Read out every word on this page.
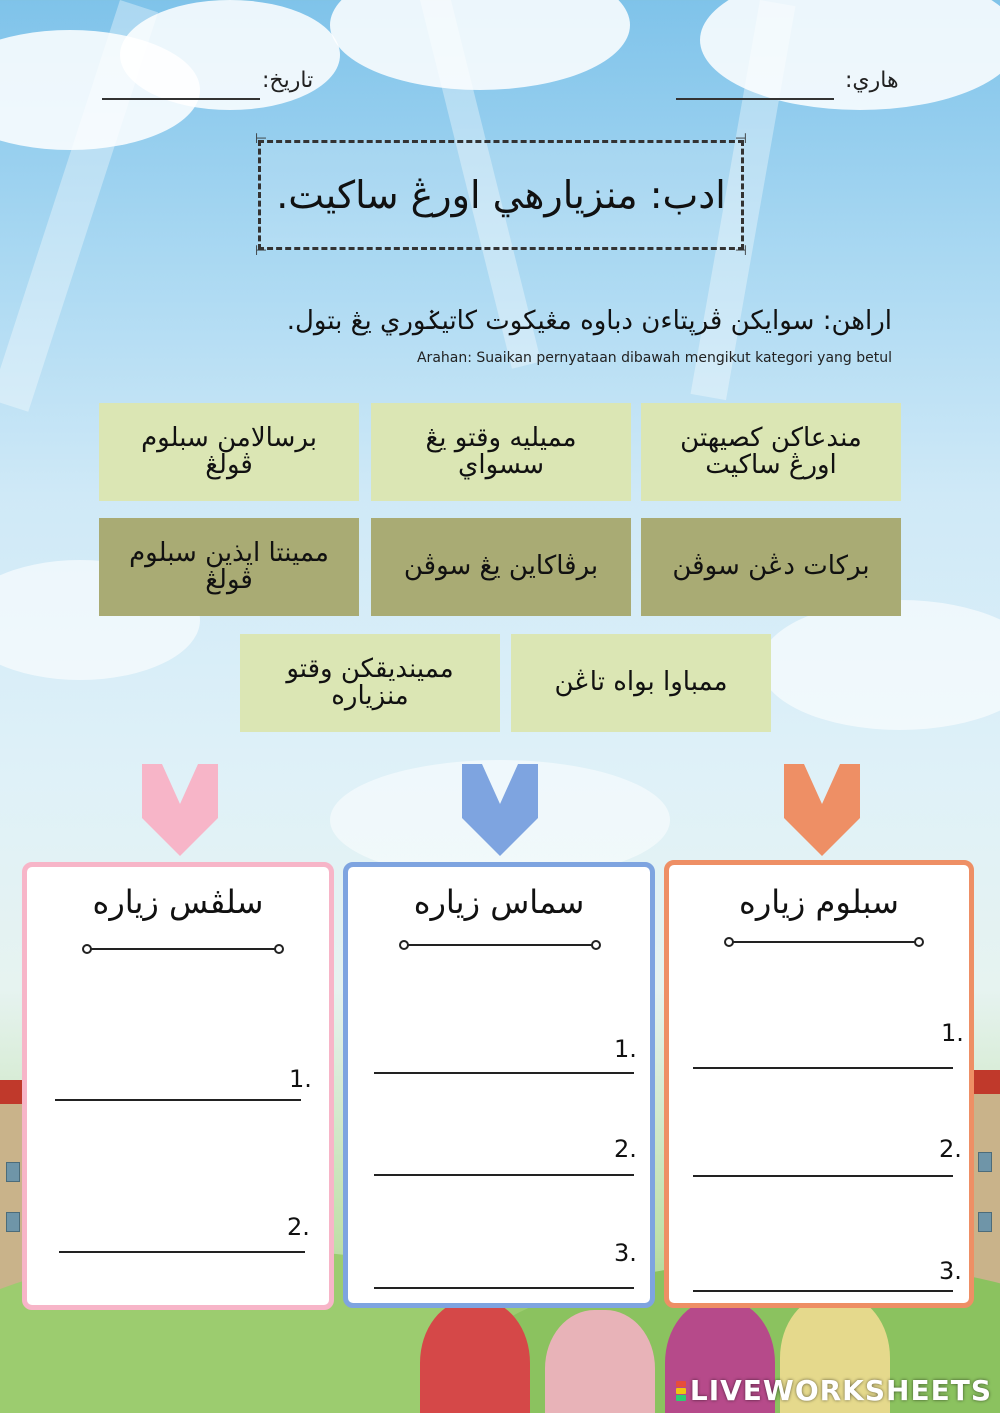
هاري:
تاريخ:
⊢	⊣
⊢	⊣
ادب: منزيارهي اورڠ ساكيت.
اراهن: سوايكن ڤرڽتاءن دباوه مڠيكوت كاتيݢوري يڠ بتول.
Arahan: Suaikan pernyataan dibawah mengikut kategori yang betul
مندعاكن كصيهتن اورڠ ساكيت
مميليه وقتو يڠ سسواي
برسالامن سبلوم ڤولڠ
بركات دڠن سوڤن
برڤاكاين يڠ سوڤن
ممينتا ايذين سبلوم ڤولڠ
ممباوا بواه تاڠن
ممينديقكن وقتو منزياره
سبلوم زياره
1.
2.
3.
سماس زياره
1.
2.
3.
سلڤس زياره
1.
2.
LIVEWORKSHEETS
